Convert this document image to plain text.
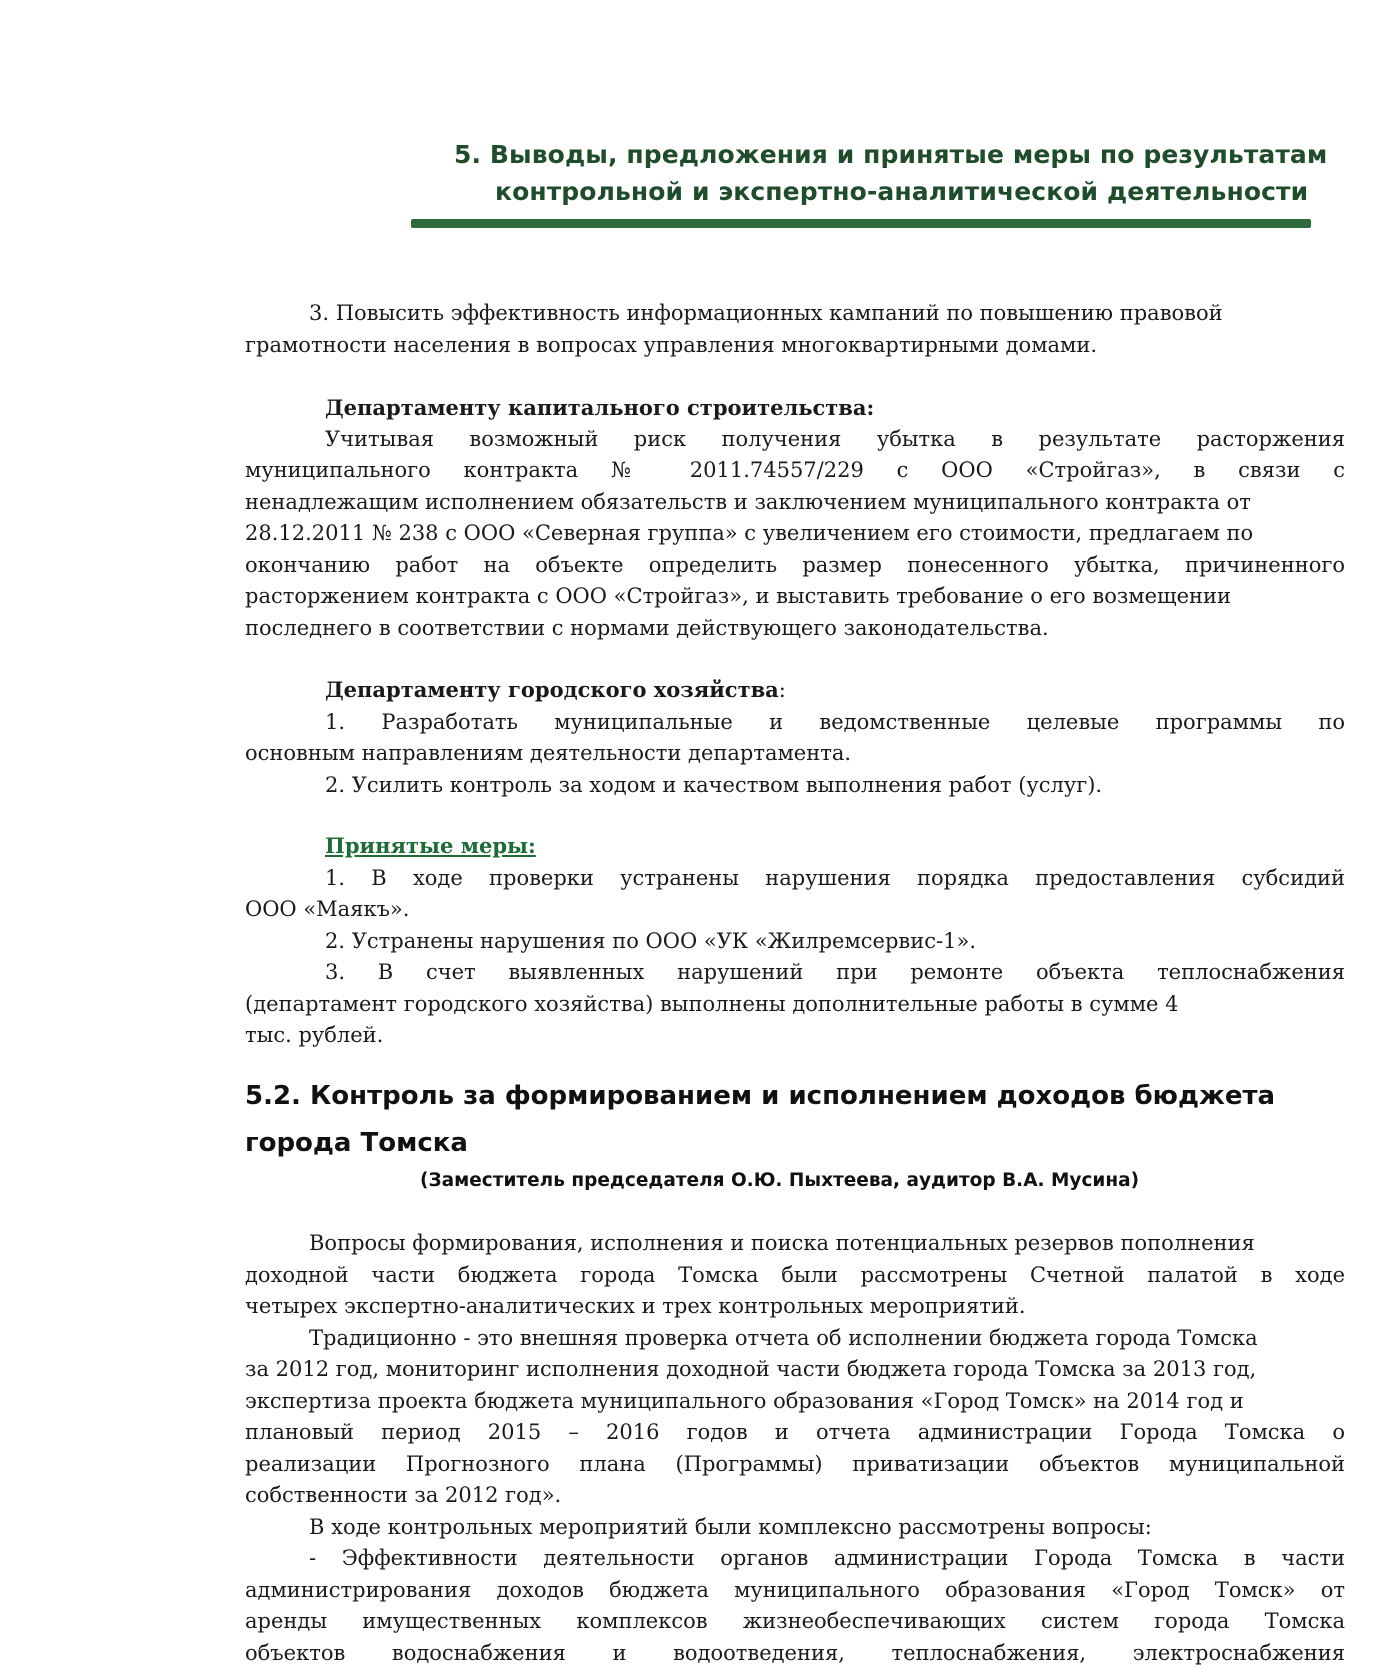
5. Выводы, предложения и принятые меры по результатам
контрольной и экспертно-аналитической деятельности

3. Повысить эффективность информационных кампаний по повышению правовой

грамотности населения в вопросах управления многоквартирными домами.

Департаменту капитального строительства:

Учитывая возможный риск получения убытка в результате расторжения

муниципального контракта № 2011.74557/229 с ООО «Стройгаз», в связи с

ненадлежащим исполнением обязательств и заключением муниципального контракта от

28.12.2011 № 238 с ООО «Северная группа» с увеличением его стоимости, предлагаем по

окончанию работ на объекте определить размер понесенного убытка, причиненного

расторжением контракта с ООО «Стройгаз», и выставить требование о его возмещении

последнего в соответствии с нормами действующего законодательства.

Департаменту городского хозяйства:

1. Разработать муниципальные и ведомственные целевые программы по

основным направлениям деятельности департамента.

2. Усилить контроль за ходом и качеством выполнения работ (услуг).

Принятые меры:

1. В ходе проверки устранены нарушения порядка предоставления субсидий

ООО «Маякъ».

2. Устранены нарушения по ООО «УК «Жилремсервис-1».

3. В счет выявленных нарушений при ремонте объекта теплоснабжения

(департамент городского хозяйства) выполнены дополнительные работы в сумме 4

тыс. рублей.

5.2. Контроль за формированием и исполнением доходов бюджета города Томска
(Заместитель председателя О.Ю. Пыхтеева, аудитор В.А. Мусина)

Вопросы формирования, исполнения и поиска потенциальных резервов пополнения

доходной части бюджета города Томска были рассмотрены Счетной палатой в ходе

четырех экспертно-аналитических и трех контрольных мероприятий.

Традиционно - это внешняя проверка отчета об исполнении бюджета города Томска

за 2012 год, мониторинг исполнения доходной части бюджета города Томска за 2013 год,

экспертиза проекта бюджета муниципального образования «Город Томск» на 2014 год и

плановый период 2015 – 2016 годов и отчета администрации Города Томска о

реализации Прогнозного плана (Программы) приватизации объектов муниципальной

собственности за 2012 год».

В ходе контрольных мероприятий были комплексно рассмотрены вопросы:

- Эффективности деятельности органов администрации Города Томска в части

администрирования доходов бюджета муниципального образования «Город Томск» от

аренды имущественных комплексов жизнеобеспечивающих систем города Томска

объектов водоснабжения и водоотведения, теплоснабжения, электроснабжения
